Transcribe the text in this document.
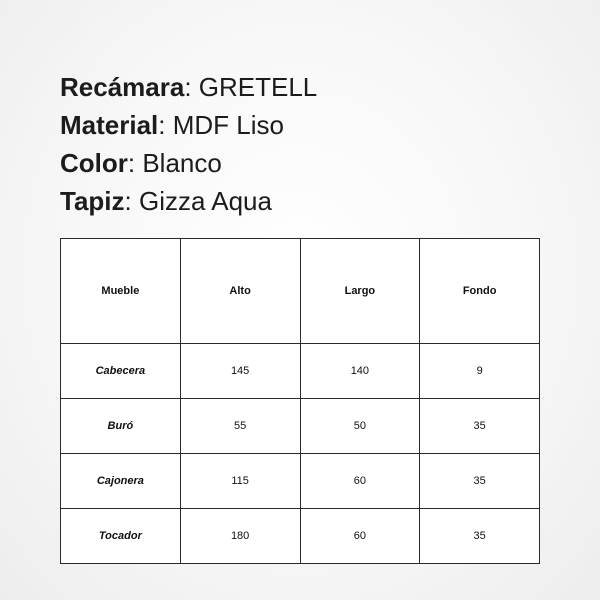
Recámara: GRETELL
Material: MDF Liso
Color: Blanco
Tapiz: Gizza Aqua
Mueble	Alto	Largo	Fondo
Cabecera	145	140	9
Buró	55	50	35
Cajonera	115	60	35
Tocador	180	60	35
